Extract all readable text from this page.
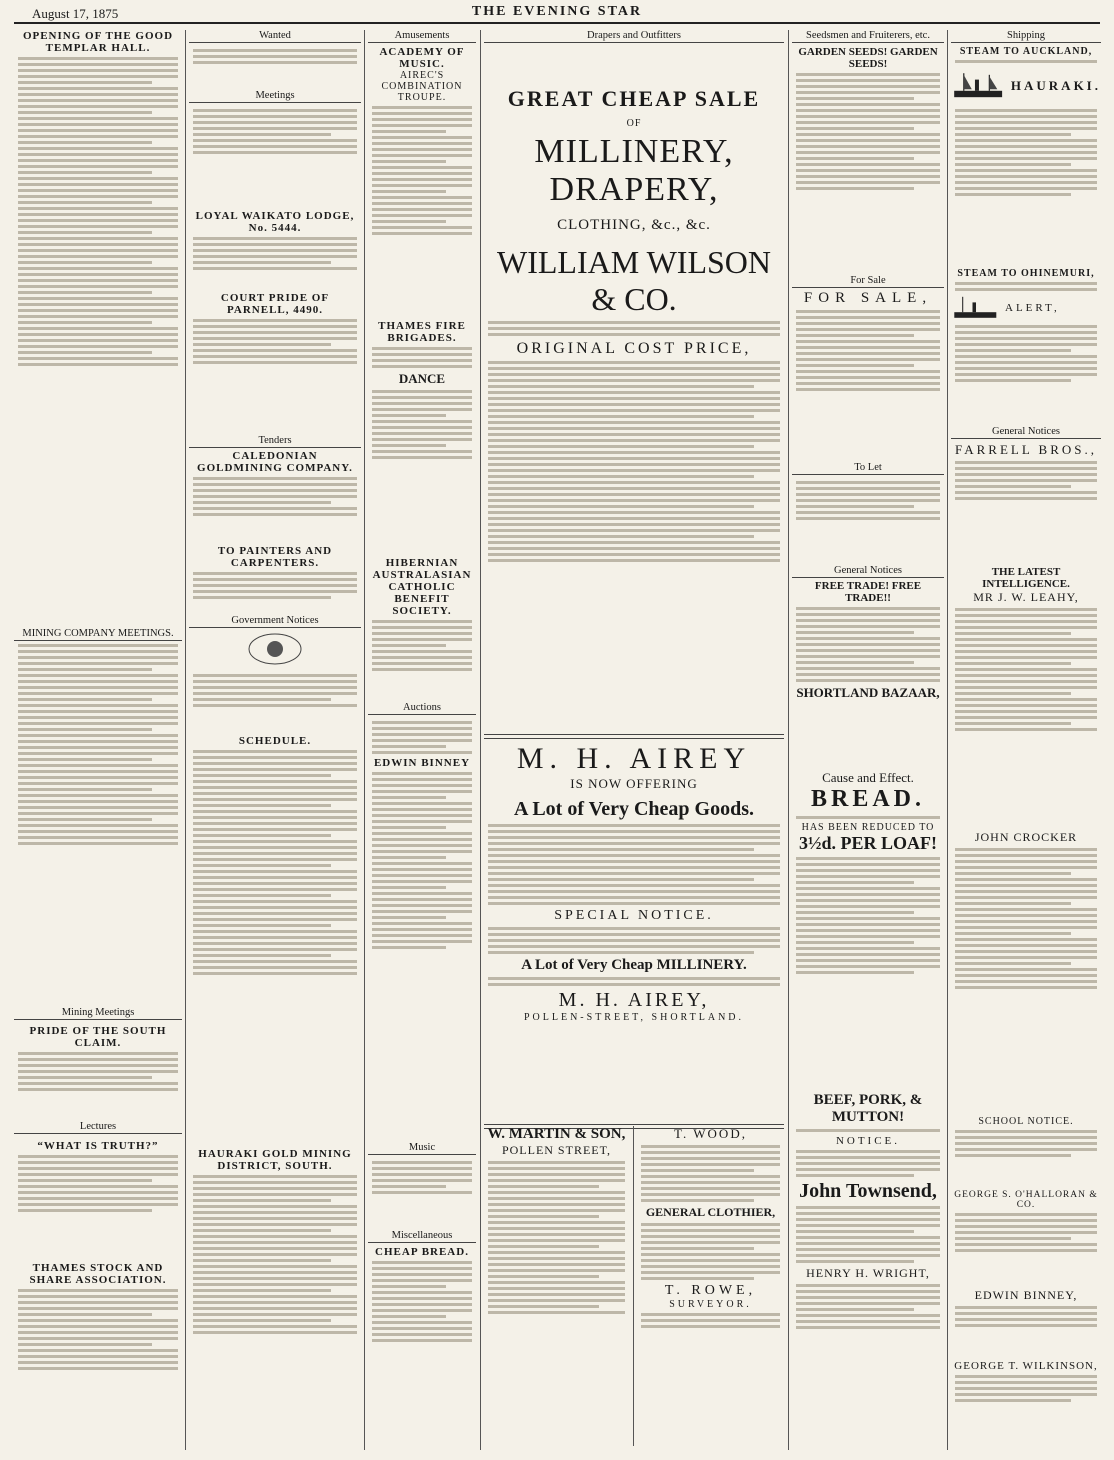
August 17, 1875	THE EVENING STAR
OPENING OF THE GOOD TEMPLAR HALL.
MINING COMPANY MEETINGS.
Mining Meetings
PRIDE OF THE SOUTH CLAIM.
Lectures
“WHAT IS TRUTH?”
THAMES STOCK AND SHARE ASSOCIATION.
Wanted
Meetings
LOYAL WAIKATO LODGE, No. 5444.
COURT PRIDE OF PARNELL, 4490.
Tenders
CALEDONIAN GOLDMINING COMPANY.
TO PAINTERS AND CARPENTERS.
Government Notices
SCHEDULE.
HAURAKI GOLD MINING DISTRICT, SOUTH.
Amusements
ACADEMY OF MUSIC.
AIREC'S COMBINATION TROUPE.
THAMES FIRE BRIGADES.
DANCE
HIBERNIAN AUSTRALASIAN CATHOLIC BENEFIT SOCIETY.
Auctions
EDWIN BINNEY
Music
Miscellaneous
CHEAP BREAD.
Drapers and Outfitters
GREAT CHEAP SALE
OF
MILLINERY, DRAPERY,
CLOTHING, &c., &c.
WILLIAM WILSON & CO.
ORIGINAL COST PRICE,
M. H. AIREY
IS NOW OFFERING
A Lot of Very Cheap Goods.
SPECIAL NOTICE.
A Lot of Very Cheap MILLINERY.
M. H. AIREY,
POLLEN-STREET, SHORTLAND.
W. MARTIN & SON,
POLLEN STREET,
T. WOOD,
GENERAL CLOTHIER,
T. ROWE,
SURVEYOR.
Seedsmen and Fruiterers, etc.
GARDEN SEEDS! GARDEN SEEDS!
For Sale
FOR SALE,
To Let
General Notices
FREE TRADE! FREE TRADE!!
SHORTLAND BAZAAR,
Cause and Effect.
BREAD.
HAS BEEN REDUCED TO
3½d. PER LOAF!
BEEF, PORK, & MUTTON!
NOTICE.
John Townsend,
HENRY H. WRIGHT,
Shipping
STEAM TO AUCKLAND,
HAURAKI.
STEAM TO OHINEMURI,
ALERT,
General Notices
FARRELL BROS.,
THE LATEST INTELLIGENCE.
MR J. W. LEAHY,
JOHN CROCKER
SCHOOL NOTICE.
GEORGE S. O'HALLORAN & CO.
EDWIN BINNEY,
GEORGE T. WILKINSON,
